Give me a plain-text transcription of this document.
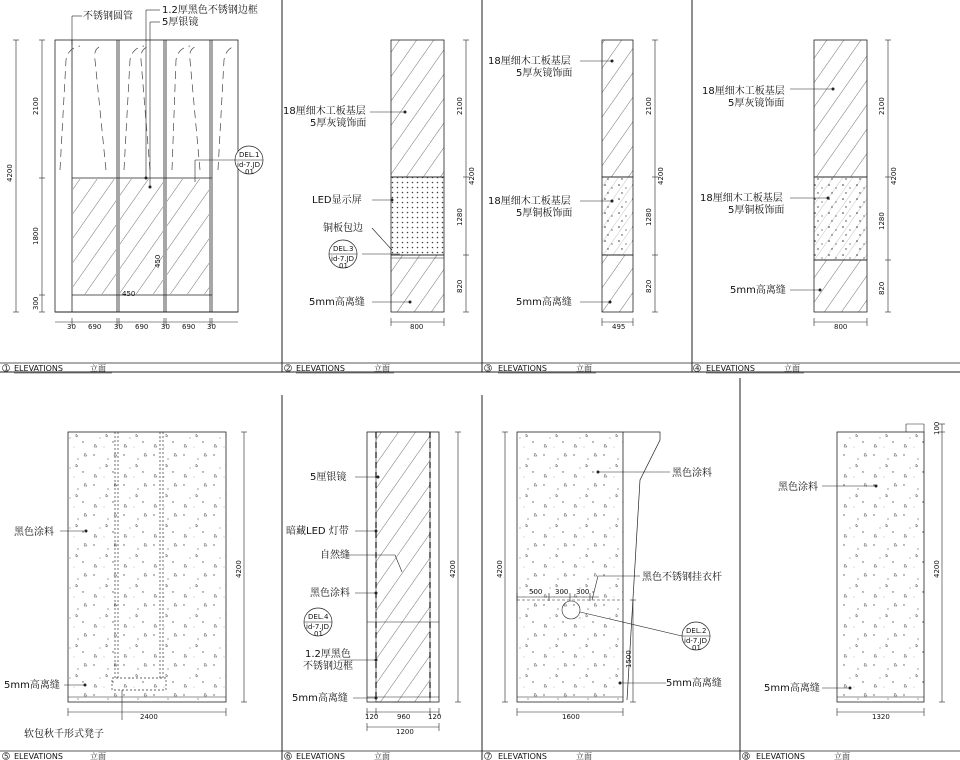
1 ELEVATIONS	立面	2 ELEVATIONS	立面	3 ELEVATIONS	立面	4 ELEVATIONS	立面
5 ELEVATIONS	立面	6 ELEVATIONS	立面	7 ELEVATIONS	立面	8 ELEVATIONS	立面
不锈钢圆管
1.2厚黑色不锈钢边框
5厚银镜
DEL.1
id-7.JD
01
450
450
2100
1800
300
4200
30 690 30 690 30 690 30
18厘细木工板基层
5厚灰镜饰面
LED显示屏
铜板包边
5mm高离缝
DEL.3
id-7.JD
01
2100
1280
820
4200
800
18厘细木工板基层
5厚灰镜饰面
18厘细木工板基层
5厚铜板饰面
5mm高离缝
2100
1280
820
4200
495
18厘细木工板基层
5厚灰镜饰面
18厘细木工板基层
5厚铜板饰面
5mm高离缝
2100
1280
820
4200
800
黑色涂料
5mm高离缝
软包秋千形式凳子
4200
2400
5厘银镜
暗藏LED 灯带
自然缝
黑色涂料
1.2厚黑色
不锈钢边框
5mm高离缝
DEL.4
id-7.JD
01
4200
120	960	120
1200
黑色涂料
黑色不锈钢挂衣杆
5mm高离缝
DEL.2
id-7.JD
01
4200
1500
500 300 300
1600
黑色涂料
5mm高离缝
100
4200
1320
